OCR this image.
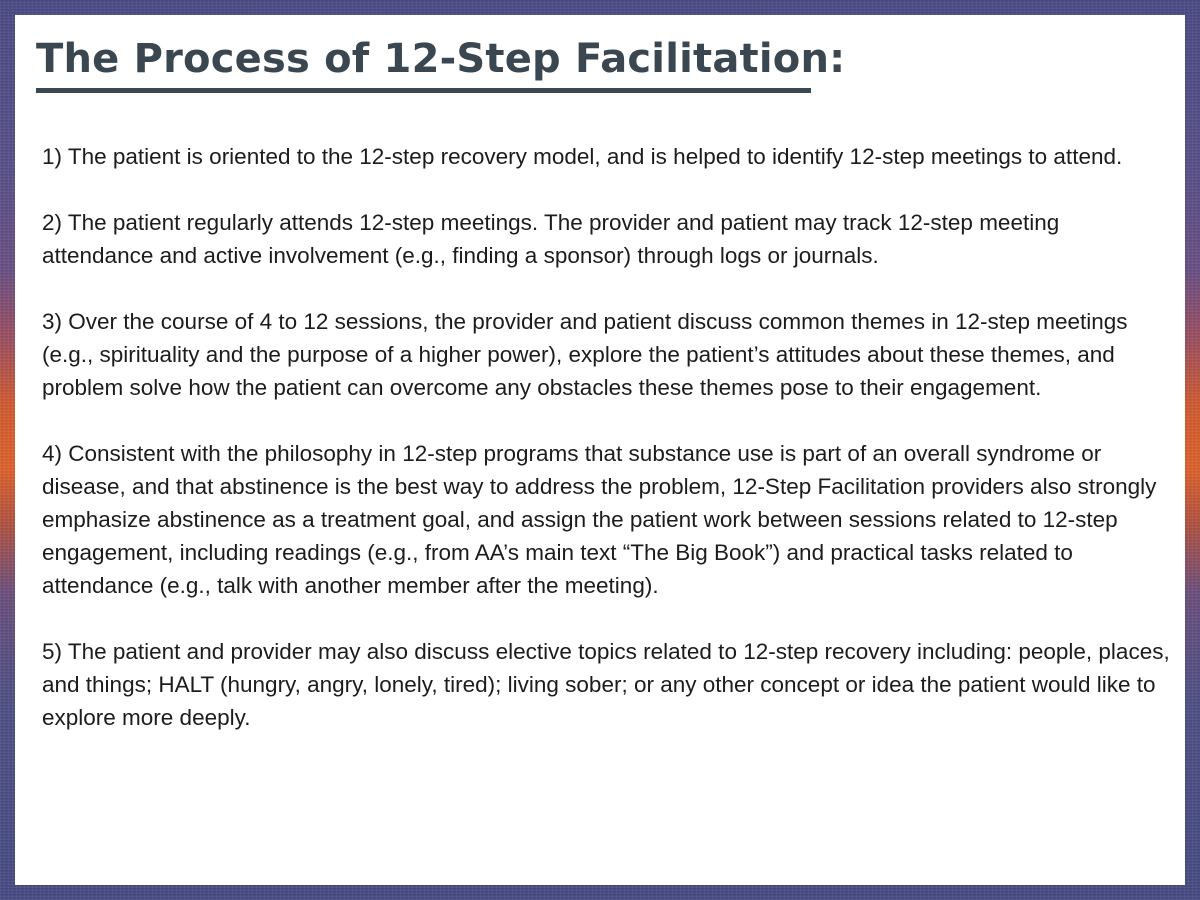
The Process of 12-Step Facilitation:
1) The patient is oriented to the 12-step recovery model, and is helped to identify 12-step meetings to attend.
2) The patient regularly attends 12-step meetings. The provider and patient may track 12-step meeting attendance and active involvement (e.g., finding a sponsor) through logs or journals.
3) Over the course of 4 to 12 sessions, the provider and patient discuss common themes in 12-step meetings (e.g., spirituality and the purpose of a higher power), explore the patient’s attitudes about these themes, and problem solve how the patient can overcome any obstacles these themes pose to their engagement.
4) Consistent with the philosophy in 12-step programs that substance use is part of an overall syndrome or disease, and that abstinence is the best way to address the problem, 12-Step Facilitation providers also strongly emphasize abstinence as a treatment goal, and assign the patient work between sessions related to 12-step engagement, including readings (e.g., from AA’s main text “The Big Book”) and practical tasks related to attendance (e.g., talk with another member after the meeting).
5) The patient and provider may also discuss elective topics related to 12-step recovery including: people, places, and things; HALT (hungry, angry, lonely, tired); living sober; or any other concept or idea the patient would like to explore more deeply.
